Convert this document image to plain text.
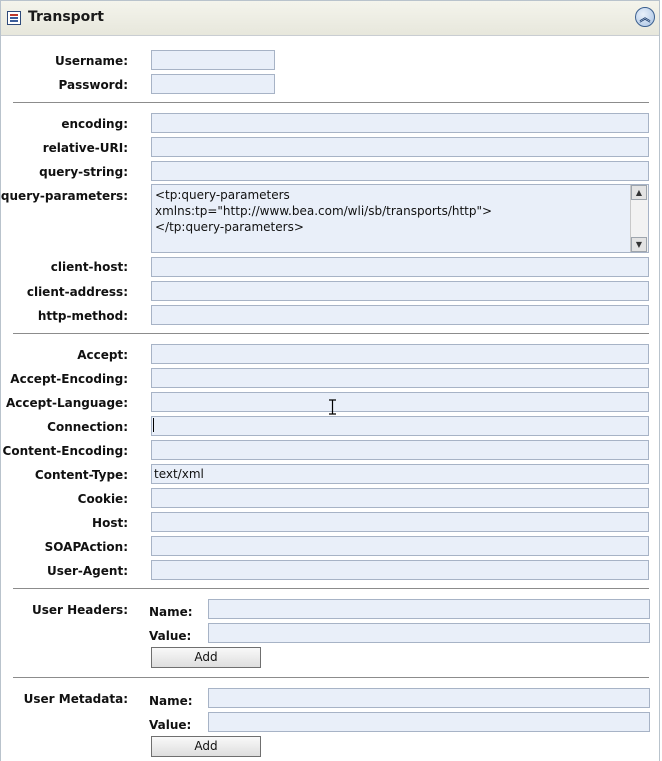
Transport	︽
Username:
Password:
encoding:
relative-URI:
query-string:
query-parameters: <tp:query-parameters xmlns:tp="http://www.bea.com/wli/sb/transports/http">
</tp:query-parameters>
▲
▼
client-host:
client-address:
http-method:
Accept:
Accept-Encoding:
Accept-Language:
Connection:
Content-Encoding:
Content-Type:
text/xml
Cookie:
Host:
SOAPAction:
User-Agent:
User Headers: Name:
Value:
Add
User Metadata: Name:
Value:
Add
